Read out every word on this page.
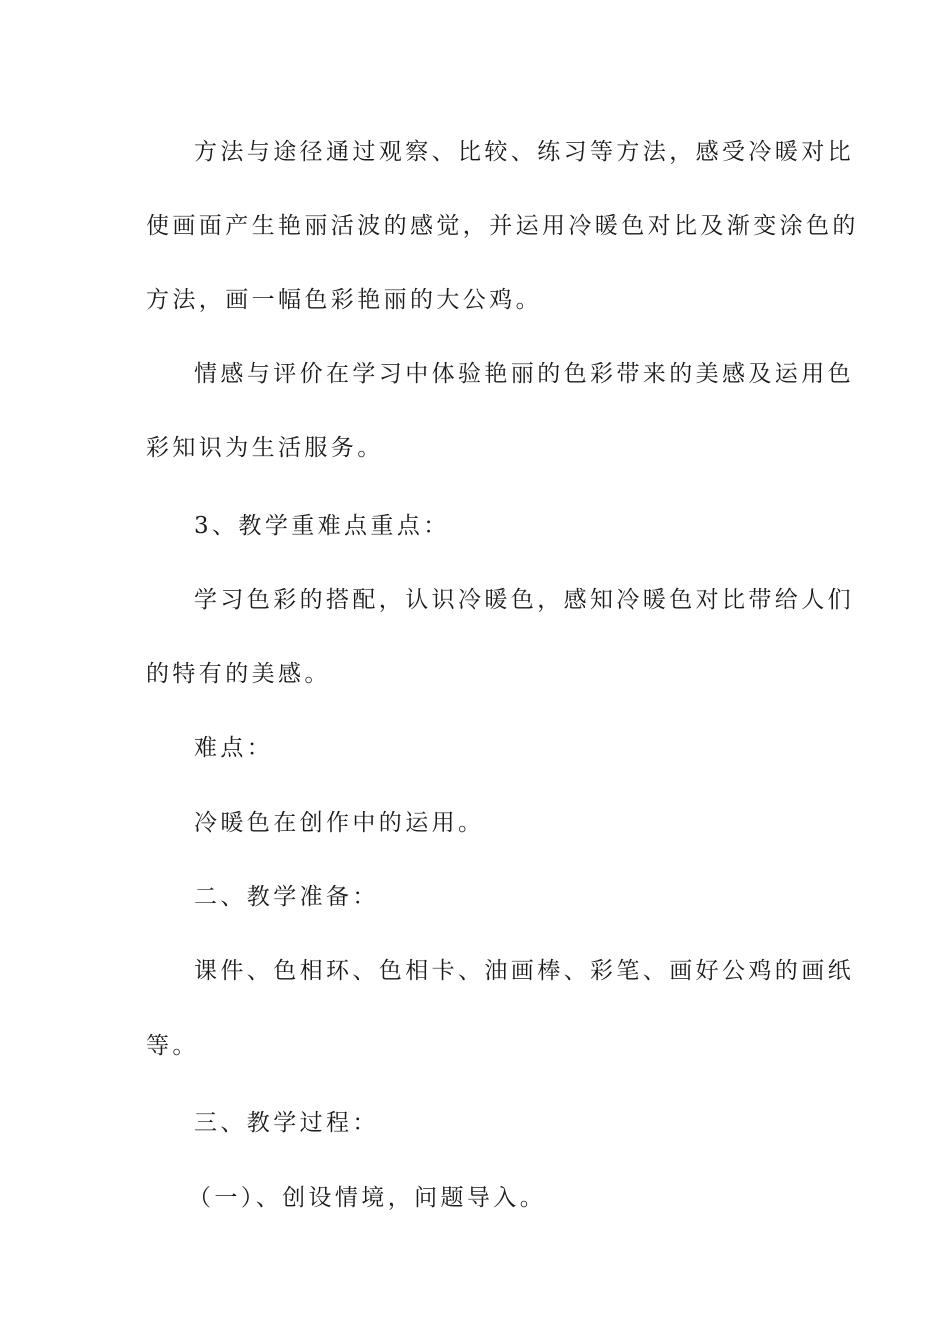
方法与途径通过观察、比较、练习等方法，感受冷暖对比

使画面产生艳丽活波的感觉，并运用冷暖色对比及渐变涂色的

方法，画一幅色彩艳丽的大公鸡。

情感与评价在学习中体验艳丽的色彩带来的美感及运用色

彩知识为生活服务。

3、教学重难点重点：

学习色彩的搭配，认识冷暖色，感知冷暖色对比带给人们

的特有的美感。

难点：

冷暖色在创作中的运用。

二、教学准备：

课件、色相环、色相卡、油画棒、彩笔、画好公鸡的画纸

等。

三、教学过程：

（一）、创设情境，问题导入。
